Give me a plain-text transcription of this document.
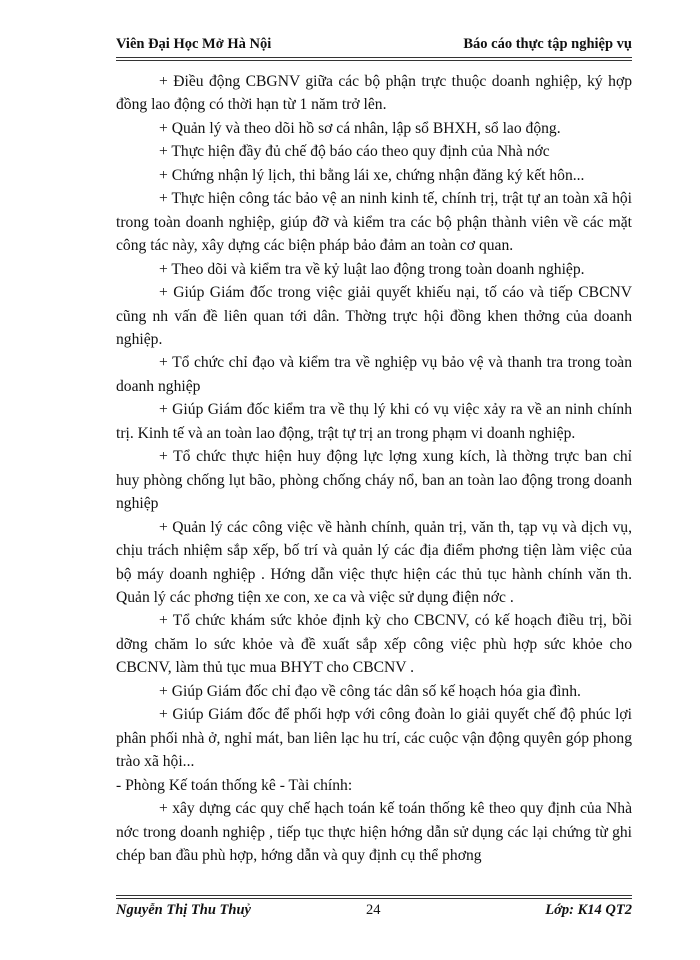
Viên Đại Học Mở Hà Nội	Báo cáo thực tập nghiệp vụ

+ Điều động CBGNV giữa các bộ phận trực thuộc doanh nghiệp, ký hợp đồng lao động có thời hạn từ 1 năm trở lên.

+ Quản lý và theo dõi hồ sơ cá nhân, lập sổ BHXH, sổ lao động.

+ Thực hiện đầy đủ chế độ báo cáo theo quy định của Nhà nớc

+ Chứng nhận lý lịch, thi bằng lái xe, chứng nhận đăng ký kết hôn...

+ Thực hiện công tác bảo vệ an ninh kinh tế, chính trị, trật tự an toàn xã hội trong toàn doanh nghiệp, giúp đỡ và kiểm tra các bộ phận thành viên về các mặt công tác này, xây dựng các biện pháp bảo đảm an toàn cơ quan.

+ Theo dõi và kiểm tra về kỷ luật lao động trong toàn doanh nghiệp.

+ Giúp Giám đốc trong việc giải quyết khiếu nại, tố cáo và tiếp CBCNV cũng nh vấn đề liên quan tới dân. Thờng trực hội đồng khen thởng của doanh nghiệp.

+ Tổ chức chỉ đạo và kiểm tra về nghiệp vụ bảo vệ và thanh tra trong toàn doanh nghiệp

+ Giúp Giám đốc kiểm tra về thụ lý khi có vụ việc xảy ra về an ninh chính trị. Kinh tế và an toàn lao động, trật tự trị an trong phạm vi doanh nghiệp.

+ Tổ chức thực hiện huy động lực lợng xung kích, là thờng trực ban chỉ huy phòng chống lụt bão, phòng chống cháy nổ, ban an toàn lao động trong doanh nghiệp

+ Quản lý các công việc về hành chính, quản trị, văn th, tạp vụ và dịch vụ, chịu trách nhiệm sắp xếp, bố trí và quản lý các địa điểm phơng tiện làm việc của bộ máy doanh nghiệp . Hớng dẫn việc thực hiện các thủ tục hành chính văn th. Quản lý các phơng tiện xe con, xe ca và việc sử dụng điện nớc .

+ Tổ chức khám sức khỏe định kỳ cho CBCNV, có kế hoạch điều trị, bồi dỡng chăm lo sức khỏe và đề xuất sắp xếp công việc phù hợp sức khỏe cho CBCNV, làm thủ tục mua BHYT cho CBCNV .

+ Giúp Giám đốc chỉ đạo về công tác dân số kế hoạch hóa gia đình.

+ Giúp Giám đốc để phối hợp với công đoàn lo giải quyết chế độ phúc lợi phân phối nhà ở, nghỉ mát, ban liên lạc hu trí, các cuộc vận động quyên góp phong trào xã hội...

- Phòng Kế toán thống kê - Tài chính:

+ xây dựng các quy chế hạch toán kế toán thống kê theo quy định của Nhà nớc trong doanh nghiệp , tiếp tục thực hiện hớng dẫn sử dụng các lại chứng từ ghi chép ban đầu phù hợp, hớng dẫn và quy định cụ thể phơng

Nguyễn Thị Thu Thuỷ	24	Lớp: K14 QT2
